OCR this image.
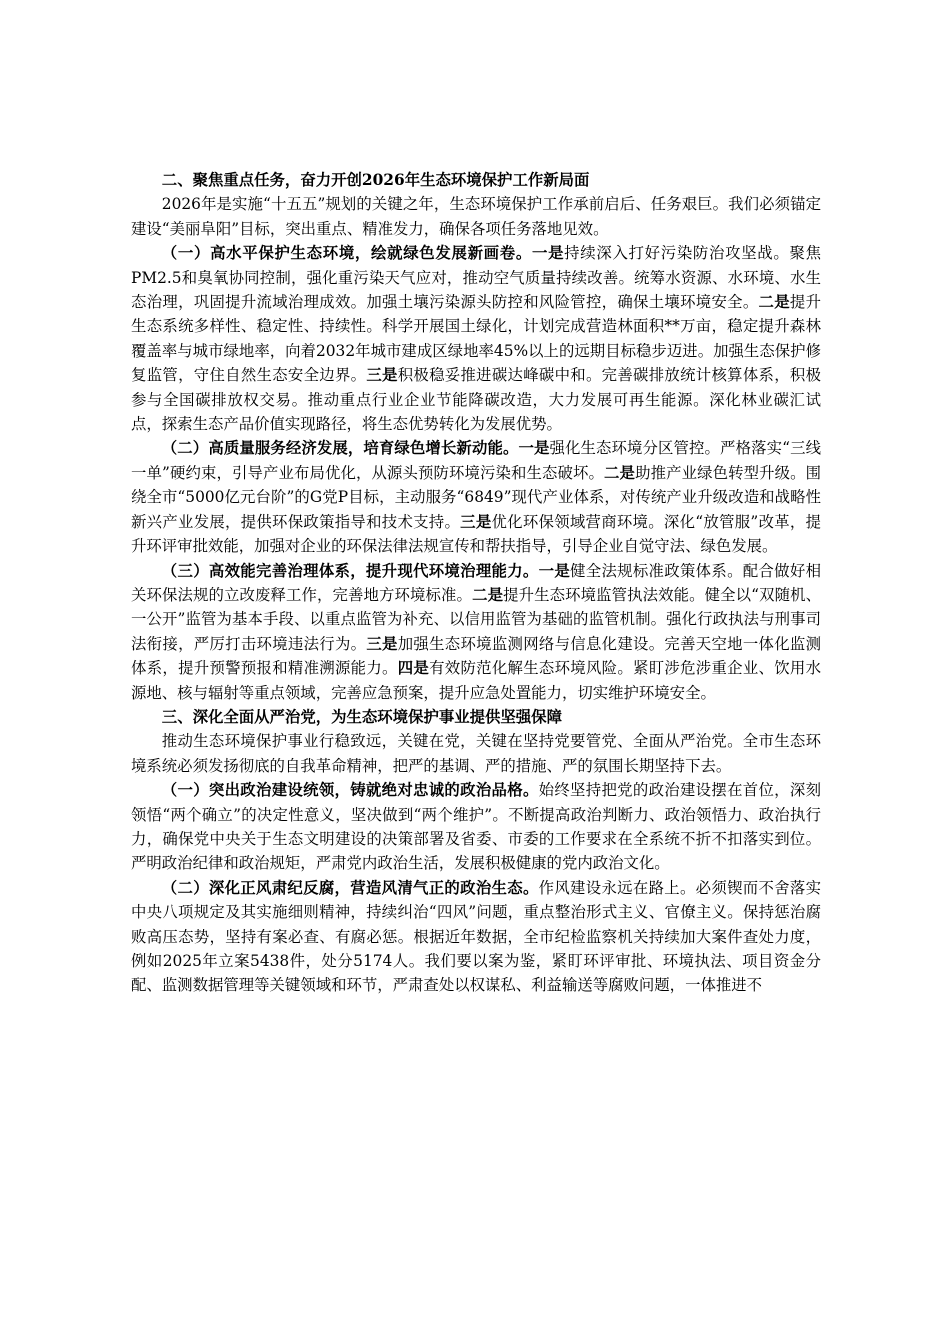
二、聚焦重点任务，奋力开创2026年生态环境保护工作新局面

2026年是实施“十五五”规划的关键之年，生态环境保护工作承前启后、任务艰巨。我们必须锚定建设“美丽阜阳”目标，突出重点、精准发力，确保各项任务落地见效。

（一）高水平保护生态环境，绘就绿色发展新画卷。一是持续深入打好污染防治攻坚战。聚焦PM2.5和臭氧协同控制，强化重污染天气应对，推动空气质量持续改善。统筹水资源、水环境、水生态治理，巩固提升流域治理成效。加强土壤污染源头防控和风险管控，确保土壤环境安全。二是提升生态系统多样性、稳定性、持续性。科学开展国土绿化，计划完成营造林面积**万亩，稳定提升森林覆盖率与城市绿地率，向着2032年城市建成区绿地率45%以上的远期目标稳步迈进。加强生态保护修复监管，守住自然生态安全边界。三是积极稳妥推进碳达峰碳中和。完善碳排放统计核算体系，积极参与全国碳排放权交易。推动重点行业企业节能降碳改造，大力发展可再生能源。深化林业碳汇试点，探索生态产品价值实现路径，将生态优势转化为发展优势。

（二）高质量服务经济发展，培育绿色增长新动能。一是强化生态环境分区管控。严格落实“三线一单”硬约束，引导产业布局优化，从源头预防环境污染和生态破坏。二是助推产业绿色转型升级。围绕全市“5000亿元台阶”的G党P目标，主动服务“6849”现代产业体系，对传统产业升级改造和战略性新兴产业发展，提供环保政策指导和技术支持。三是优化环保领域营商环境。深化“放管服”改革，提升环评审批效能，加强对企业的环保法律法规宣传和帮扶指导，引导企业自觉守法、绿色发展。

（三）高效能完善治理体系，提升现代环境治理能力。一是健全法规标准政策体系。配合做好相关环保法规的立改废释工作，完善地方环境标准。二是提升生态环境监管执法效能。健全以“双随机、一公开”监管为基本手段、以重点监管为补充、以信用监管为基础的监管机制。强化行政执法与刑事司法衔接，严厉打击环境违法行为。三是加强生态环境监测网络与信息化建设。完善天空地一体化监测体系，提升预警预报和精准溯源能力。四是有效防范化解生态环境风险。紧盯涉危涉重企业、饮用水源地、核与辐射等重点领域，完善应急预案，提升应急处置能力，切实维护环境安全。

三、深化全面从严治党，为生态环境保护事业提供坚强保障

推动生态环境保护事业行稳致远，关键在党，关键在坚持党要管党、全面从严治党。全市生态环境系统必须发扬彻底的自我革命精神，把严的基调、严的措施、严的氛围长期坚持下去。

（一）突出政治建设统领，铸就绝对忠诚的政治品格。始终坚持把党的政治建设摆在首位，深刻领悟“两个确立”的决定性意义，坚决做到“两个维护”。不断提高政治判断力、政治领悟力、政治执行力，确保党中央关于生态文明建设的决策部署及省委、市委的工作要求在全系统不折不扣落实到位。严明政治纪律和政治规矩，严肃党内政治生活，发展积极健康的党内政治文化。

（二）深化正风肃纪反腐，营造风清气正的政治生态。作风建设永远在路上。必须锲而不舍落实中央八项规定及其实施细则精神，持续纠治“四风”问题，重点整治形式主义、官僚主义。保持惩治腐败高压态势，坚持有案必查、有腐必惩。根据近年数据，全市纪检监察机关持续加大案件查处力度，例如2025年立案5438件，处分5174人。我们要以案为鉴，紧盯环评审批、环境执法、项目资金分配、监测数据管理等关键领域和环节，严肃查处以权谋私、利益输送等腐败问题，一体推进不
